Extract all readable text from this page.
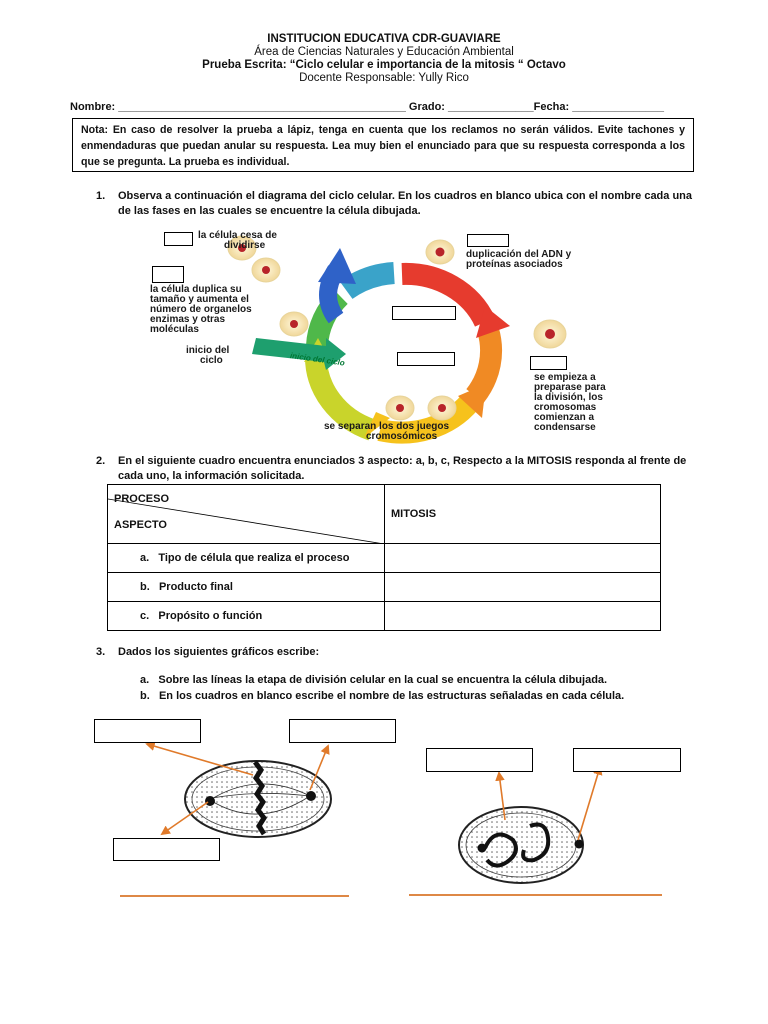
INSTITUCION EDUCATIVA CDR-GUAVIARE
Área de Ciencias Naturales y Educación Ambiental
Prueba Escrita: “Ciclo celular e importancia de la mitosis “ Octavo
Docente Responsable: Yully Rico
Nombre: _______________________________________________ Grado: ______________Fecha: _______________
Nota: En caso de resolver la prueba a lápiz, tenga en cuenta que los reclamos no serán válidos. Evite tachones y enmendaduras que puedan anular su respuesta. Lea muy bien el enunciado para que su respuesta corresponda a los que se pregunta. La prueba es individual.
1. Observa a continuación el diagrama del ciclo celular. En los cuadros en blanco ubica con el nombre cada una de las fases en las cuales se encuentre la célula dibujada.
inicio del ciclo
la célula cesa de
dividirse
duplicación del ADN y
proteínas asociados
la célula duplica su
tamaño y aumenta el
número de organelos
enzimas y otras
moléculas
inicio del
ciclo
se empieza a
preparase para
la división, los
cromosomas
comienzan a
condensarse
se separan los dos juegos
cromosómicos
2. En el siguiente cuadro encuentra enunciados 3 aspecto: a, b, c, Respecto a la MITOSIS responda al frente de cada uno, la información solicitada.
PROCESO
ASPECTO	MITOSIS
a. Tipo de célula que realiza el proceso	
b. Producto final	
c. Propósito o función	
3. Dados los siguientes gráficos escribe:
a. Sobre las líneas la etapa de división celular en la cual se encuentra la célula dibujada.
b. En los cuadros en blanco escribe el nombre de las estructuras señaladas en cada célula.
